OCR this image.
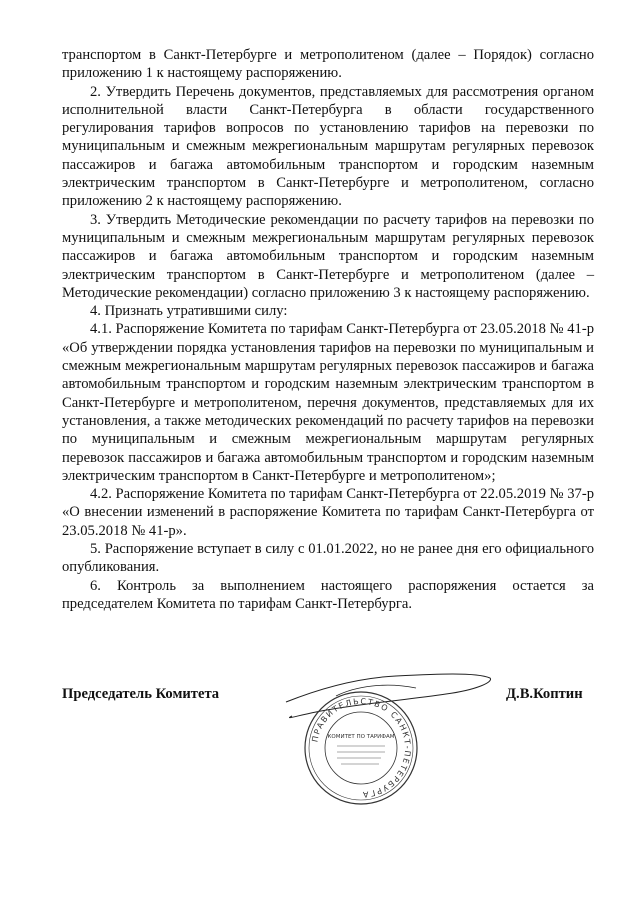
транспортом в Санкт-Петербурге и метрополитеном (далее – Порядок) согласно приложению 1 к настоящему распоряжению.

2. Утвердить Перечень документов, представляемых для рассмотрения органом исполнительной власти Санкт-Петербурга в области государственного регулирования тарифов вопросов по установлению тарифов на перевозки по муниципальным и смежным межрегиональным маршрутам регулярных перевозок пассажиров и багажа автомобильным транспортом и городским наземным электрическим транспортом в Санкт-Петербурге и метрополитеном, согласно приложению 2 к настоящему распоряжению.

3. Утвердить Методические рекомендации по расчету тарифов на перевозки по муниципальным и смежным межрегиональным маршрутам регулярных перевозок пассажиров и багажа автомобильным транспортом и городским наземным электрическим транспортом в Санкт-Петербурге и метрополитеном (далее – Методические рекомендации) согласно приложению 3 к настоящему распоряжению.

4. Признать утратившими силу:

4.1. Распоряжение Комитета по тарифам Санкт-Петербурга от 23.05.2018 № 41-р «Об утверждении порядка установления тарифов на перевозки по муниципальным и смежным межрегиональным маршрутам регулярных перевозок пассажиров и багажа автомобильным транспортом и городским наземным электрическим транспортом в Санкт-Петербурге и метрополитеном, перечня документов, представляемых для их установления, а также методических рекомендаций по расчету тарифов на перевозки по муниципальным и смежным межрегиональным маршрутам регулярных перевозок пассажиров и багажа автомобильным транспортом и городским наземным электрическим транспортом в Санкт-Петербурге и метрополитеном»;

4.2. Распоряжение Комитета по тарифам Санкт-Петербурга от 22.05.2019 № 37-р «О внесении изменений в распоряжение Комитета по тарифам Санкт-Петербурга от 23.05.2018 № 41-р».

5. Распоряжение вступает в силу с 01.01.2022, но не ранее дня его официального опубликования.

6. Контроль за выполнением настоящего распоряжения остается за председателем Комитета по тарифам Санкт-Петербурга.

Председатель Комитета
ПРАВИТЕЛЬСТВО САНКТ-ПЕТЕРБУРГА
КОМИТЕТ ПО ТАРИФАМ
Д.В.Коптин
